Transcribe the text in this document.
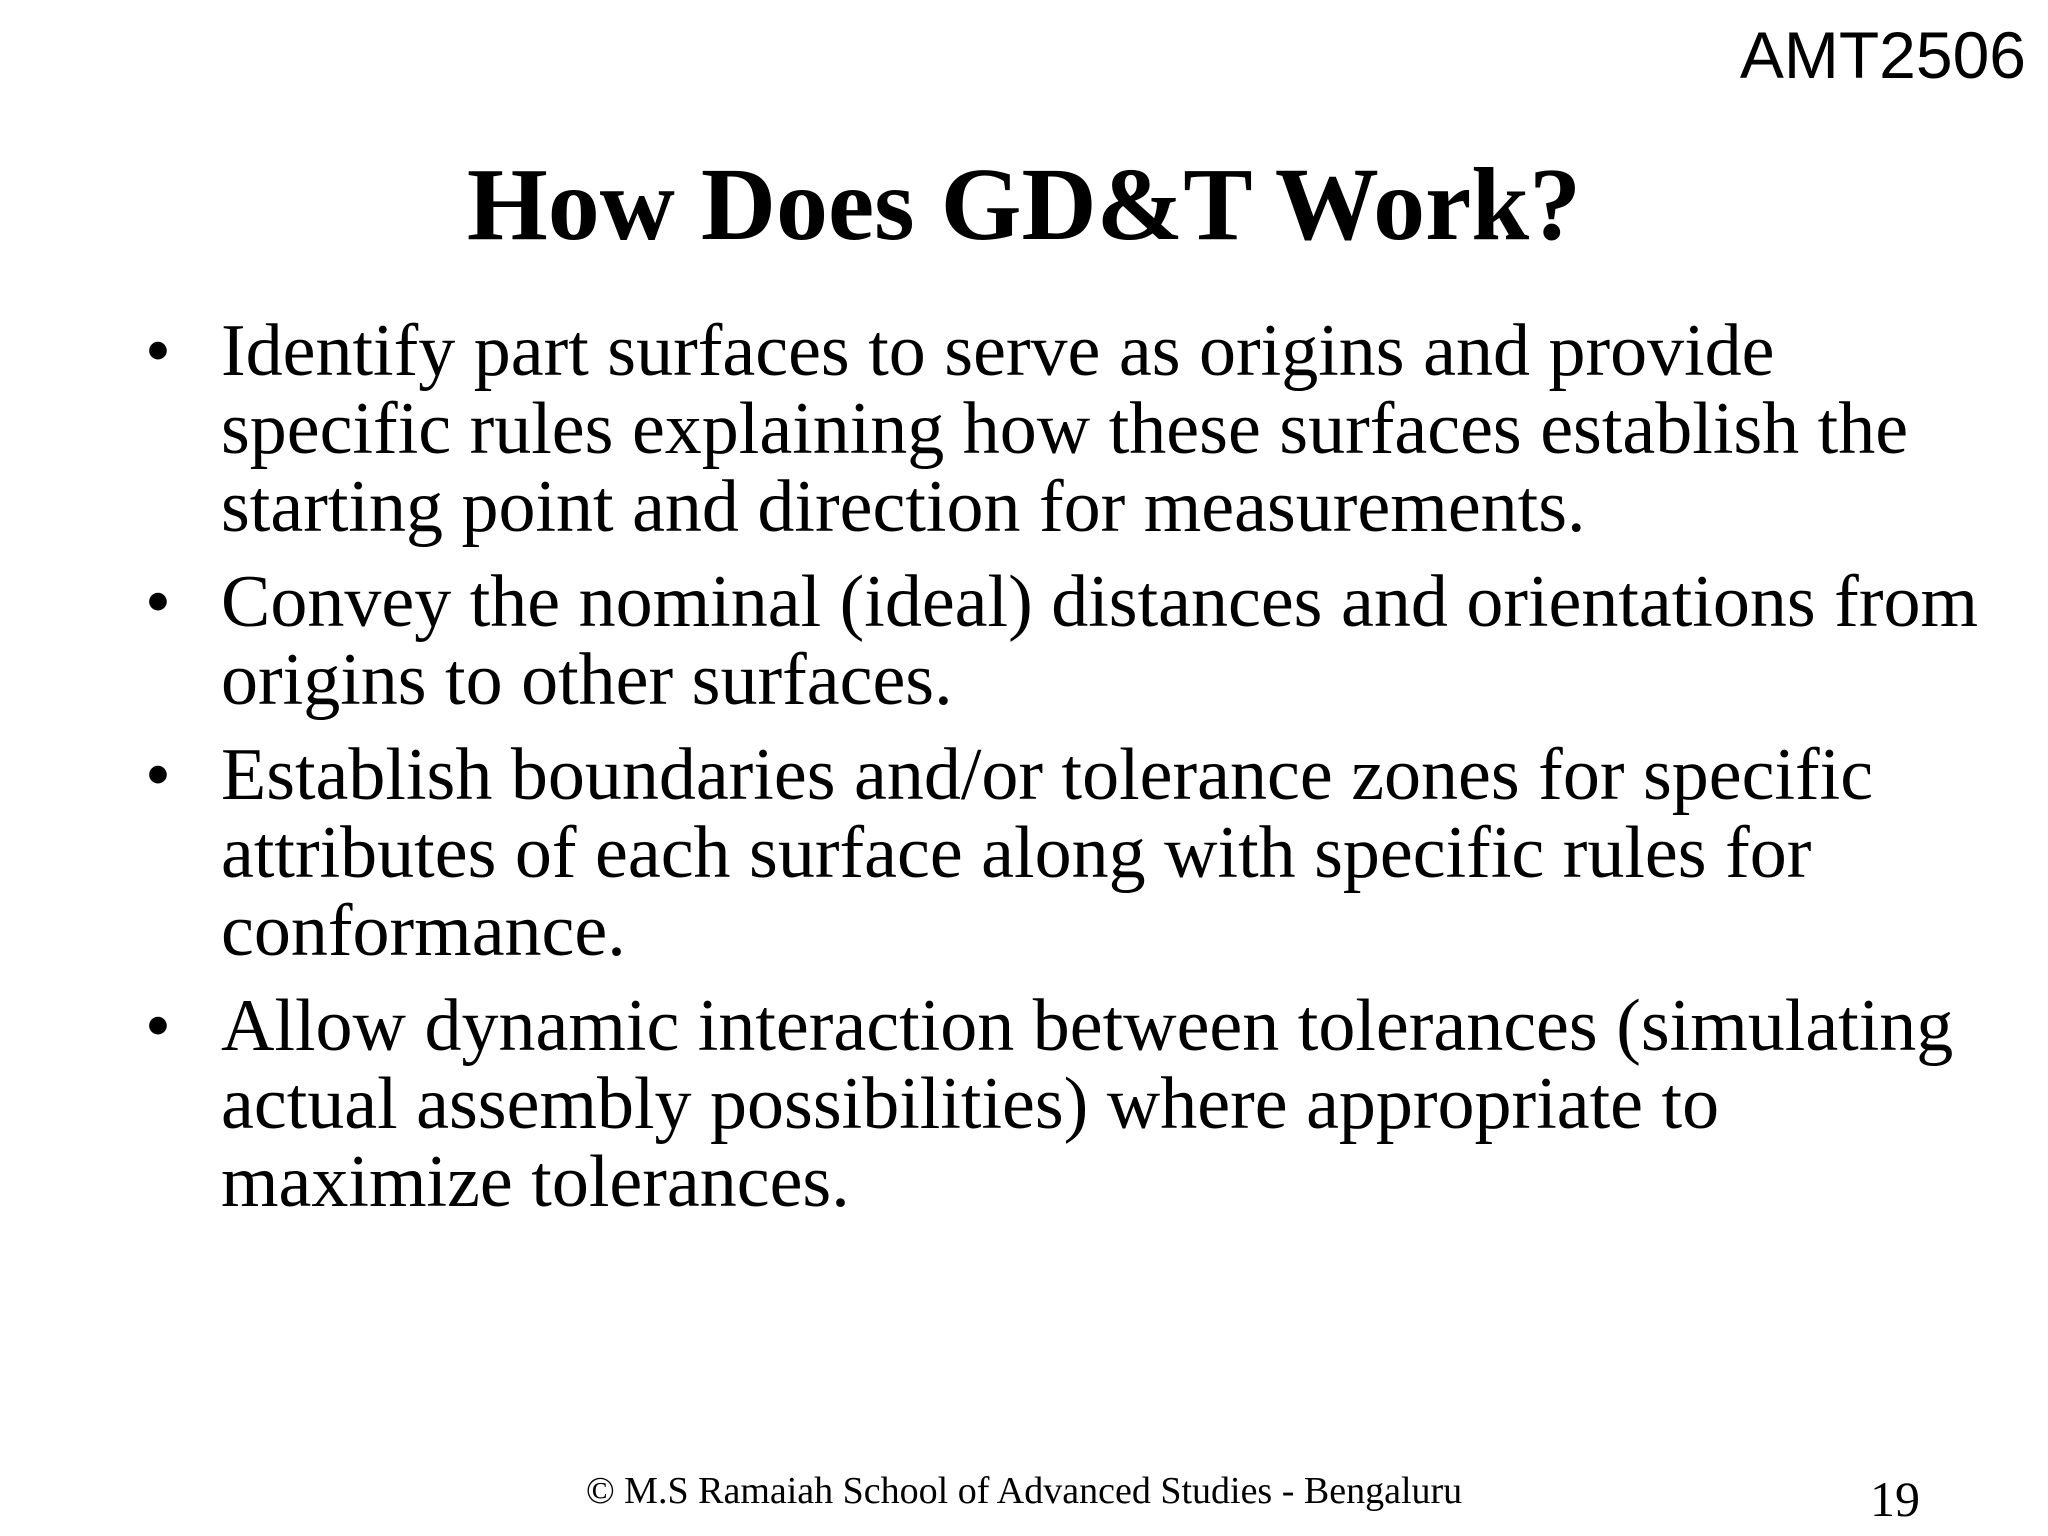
AMT2506
How Does GD&T Work?
• Identify part surfaces to serve as origins and provide specific rules explaining how these surfaces establish the starting point and direction for measurements.
• Convey the nominal (ideal) distances and orientations from origins to other surfaces.
• Establish boundaries and/or tolerance zones for specific attributes of each surface along with specific rules for conformance.
• Allow dynamic interaction between tolerances (simulating actual assembly possibilities) where appropriate to maximize tolerances.
© M.S Ramaiah School of Advanced Studies - Bengaluru	19
